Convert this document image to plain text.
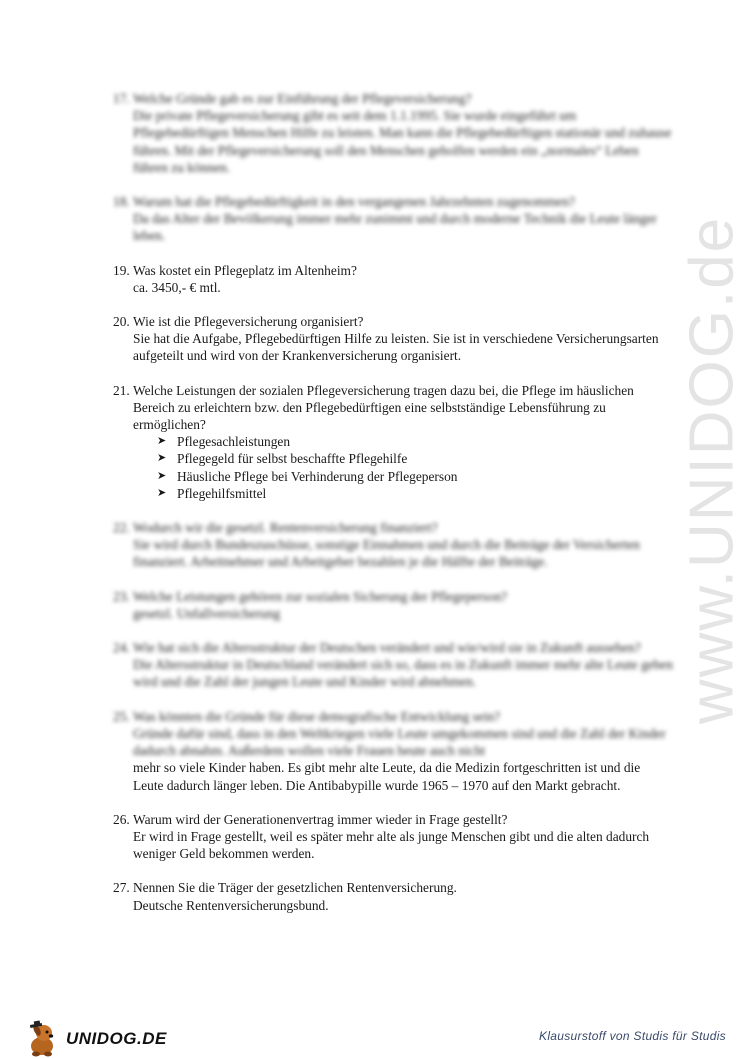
www.UNIDOG.de
17. Welche Gründe gab es zur Einführung der Pflegeversicherung?
Die private Pflegeversicherung gibt es seit dem 1.1.1995. Sie wurde eingeführt um Pflegebedürftigen Menschen Hilfe zu leisten. Man kann die Pflegebedürftigen stationär und zuhause führen. Mit der Pflegeversicherung soll den Menschen geholfen werden ein „normales“ Leben führen zu können.
18. Warum hat die Pflegebedürftigkeit in den vergangenen Jahrzehnten zugenommen?
Da das Alter der Bevölkerung immer mehr zunimmt und durch moderne Technik die Leute länger leben.
19. Was kostet ein Pflegeplatz im Altenheim?
ca. 3450,- € mtl.
20. Wie ist die Pflegeversicherung organisiert?
Sie hat die Aufgabe, Pflegebedürftigen Hilfe zu leisten. Sie ist in verschiedene Versicherungsarten aufgeteilt und wird von der Krankenversicherung organisiert.
21. Welche Leistungen der sozialen Pflegeversicherung tragen dazu bei, die Pflege im häuslichen Bereich zu erleichtern bzw. den Pflegebedürftigen eine selbstständige Lebensführung zu ermöglichen?
➤ Pflegesachleistungen
➤ Pflegegeld für selbst beschaffte Pflegehilfe
➤ Häusliche Pflege bei Verhinderung der Pflegeperson
➤ Pflegehilfsmittel
22. Wodurch wir die gesetzl. Rentenversicherung finanziert?
Sie wird durch Bundeszuschüsse, sonstige Einnahmen und durch die Beiträge der Versicherten finanziert. Arbeitnehmer und Arbeitgeber bezahlen je die Hälfte der Beiträge.
23. Welche Leistungen gehören zur sozialen Sicherung der Pflegeperson?
gesetzl. Unfallversicherung
24. Wie hat sich die Altersstruktur der Deutschen verändert und wie/wird sie in Zukunft aussehen?
Die Altersstruktur in Deutschland verändert sich so, dass es in Zukunft immer mehr alte Leute geben wird und die Zahl der jungen Leute und Kinder wird abnehmen.
25. Was könnten die Gründe für diese demografische Entwicklung sein?
Gründe dafür sind, dass in den Weltkriegen viele Leute umgekommen sind und die Zahl der Kinder dadurch abnahm. Außerdem wollen viele Frauen heute auch nicht
mehr so viele Kinder haben. Es gibt mehr alte Leute, da die Medizin fortgeschritten ist und die Leute dadurch länger leben. Die Antibabypille wurde 1965 – 1970 auf den Markt gebracht.
26. Warum wird der Generationenvertrag immer wieder in Frage gestellt?
Er wird in Frage gestellt, weil es später mehr alte als junge Menschen gibt und die alten dadurch weniger Geld bekommen werden.
27. Nennen Sie die Träger der gesetzlichen Rentenversicherung.
Deutsche Rentenversicherungsbund.
UNIDOG.DE	Klausurstoff von Studis für Studis
